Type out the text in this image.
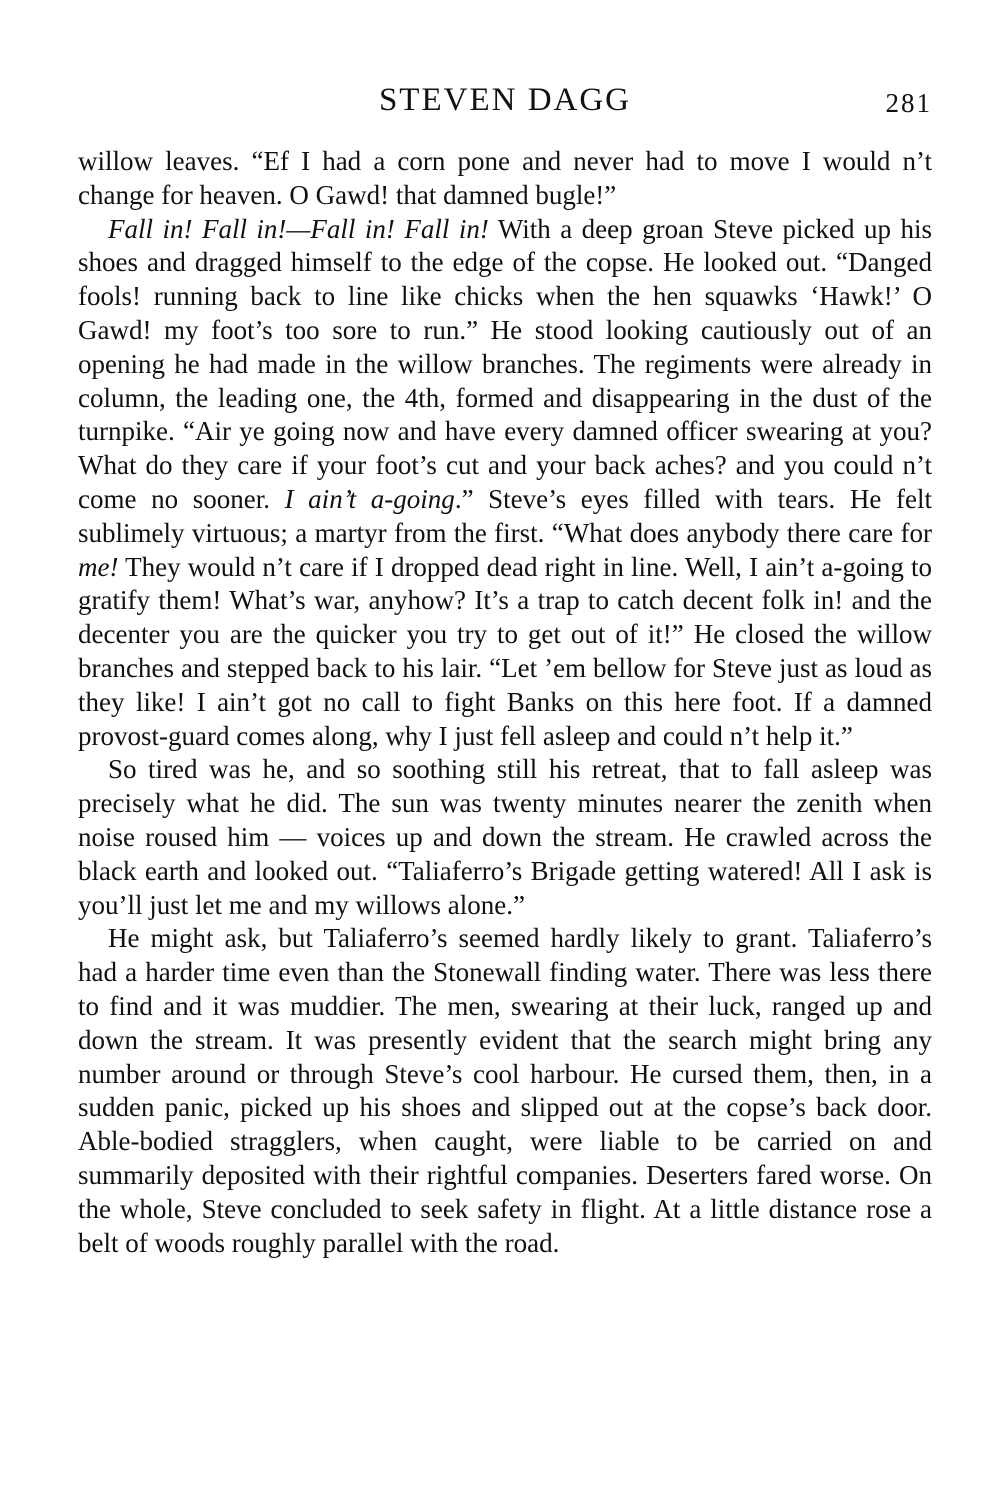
STEVEN DAGG	281

willow leaves. “Ef I had a corn pone and never had to move I would n’t change for heaven. O Gawd! that damned bugle!”

Fall in! Fall in!—Fall in! Fall in! With a deep groan Steve picked up his shoes and dragged himself to the edge of the copse. He looked out. “Danged fools! running back to line like chicks when the hen squawks ‘Hawk!’ O Gawd! my foot’s too sore to run.” He stood looking cautiously out of an opening he had made in the willow branches. The regiments were already in column, the leading one, the 4th, formed and disappearing in the dust of the turnpike. “Air ye going now and have every damned officer swearing at you? What do they care if your foot’s cut and your back aches? and you could n’t come no sooner. I ain’t a-going.” Steve’s eyes filled with tears. He felt sublimely virtuous; a martyr from the first. “What does anybody there care for me! They would n’t care if I dropped dead right in line. Well, I ain’t a-going to gratify them! What’s war, anyhow? It’s a trap to catch decent folk in! and the decenter you are the quicker you try to get out of it!” He closed the willow branches and stepped back to his lair. “Let ’em bellow for Steve just as loud as they like! I ain’t got no call to fight Banks on this here foot. If a damned provost-guard comes along, why I just fell asleep and could n’t help it.”

So tired was he, and so soothing still his retreat, that to fall asleep was precisely what he did. The sun was twenty minutes nearer the zenith when noise roused him — voices up and down the stream. He crawled across the black earth and looked out. “Taliaferro’s Brigade getting watered! All I ask is you’ll just let me and my willows alone.”

He might ask, but Taliaferro’s seemed hardly likely to grant. Taliaferro’s had a harder time even than the Stonewall finding water. There was less there to find and it was muddier. The men, swearing at their luck, ranged up and down the stream. It was presently evident that the search might bring any number around or through Steve’s cool harbour. He cursed them, then, in a sudden panic, picked up his shoes and slipped out at the copse’s back door. Able-bodied stragglers, when caught, were liable to be carried on and summarily deposited with their rightful companies. Deserters fared worse. On the whole, Steve concluded to seek safety in flight. At a little distance rose a belt of woods roughly parallel with the road.
